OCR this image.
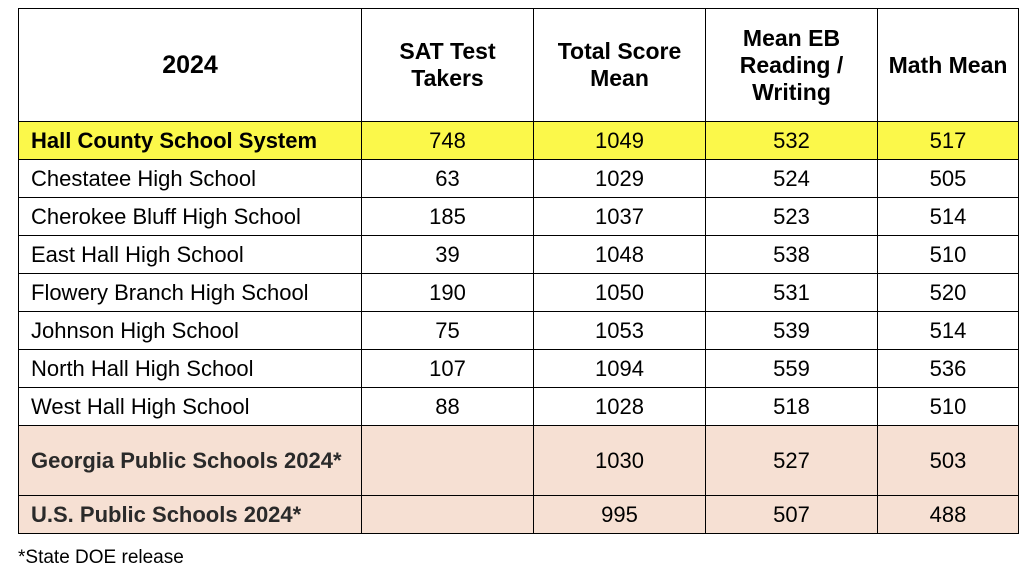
2024	SAT Test Takers	Total Score Mean	Mean EB Reading / Writing	Math Mean
Hall County School System	748	1049	532	517
Chestatee High School	63	1029	524	505
Cherokee Bluff High School	185	1037	523	514
East Hall High School	39	1048	538	510
Flowery Branch High School	190	1050	531	520
Johnson High School	75	1053	539	514
North Hall High School	107	1094	559	536
West Hall High School	88	1028	518	510
Georgia Public Schools 2024*		1030	527	503
U.S. Public Schools 2024*		995	507	488
*State DOE release
